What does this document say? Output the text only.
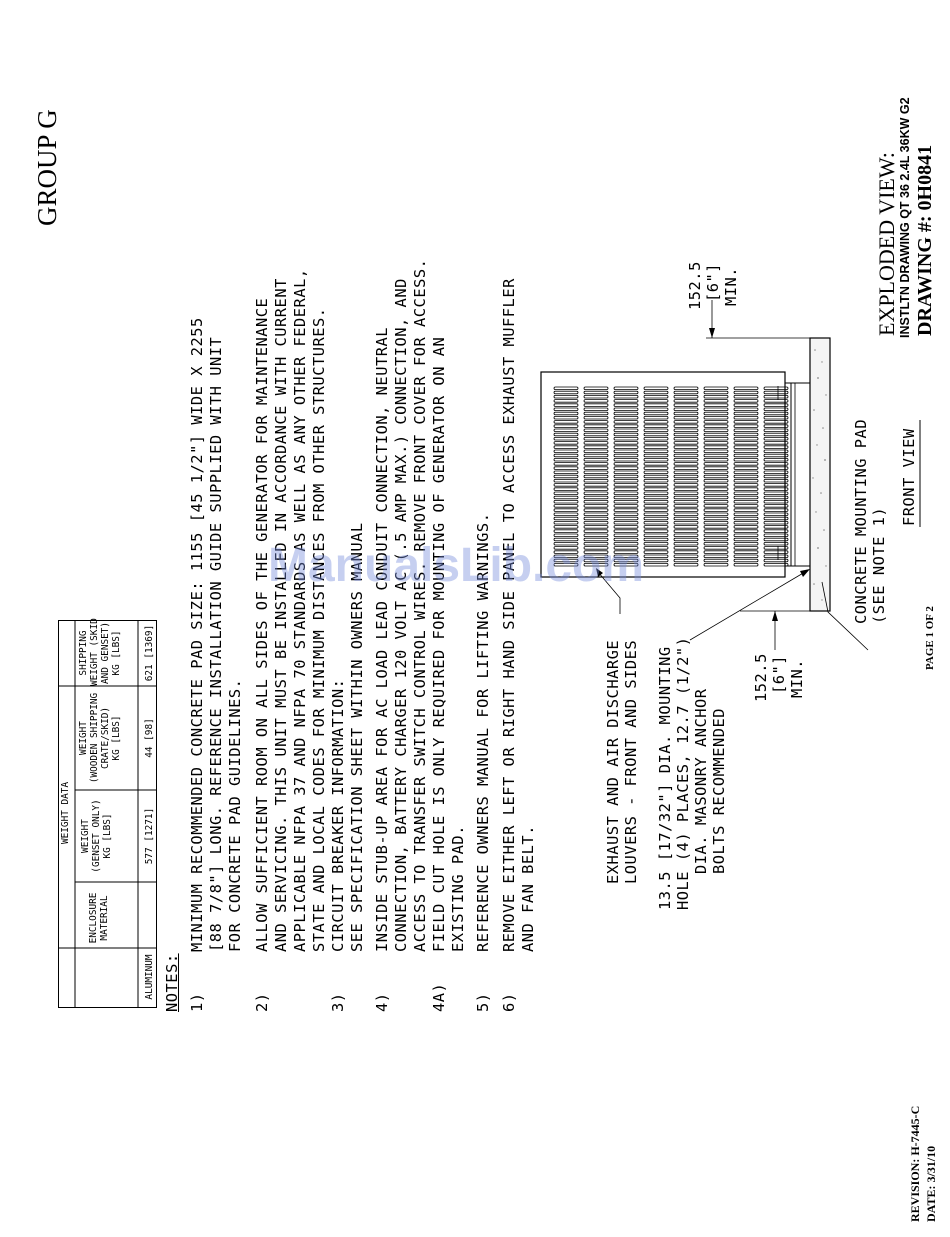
GROUP G	EXPLODED VIEW: INSTLTN DRAWING QT 36 2.4L 36KW G2 DRAWING #: 0H0841
PAGE 1 OF 2
REVISION: H-7445-C DATE: 3/31/10
WEIGHT DATA
SHIPPING WEIGHT (SKID AND GENSET) KG [LBS]
WEIGHT (WOODEN SHIPPING CRATE/SKID) KG [LBS]
WEIGHT (GENSET ONLY) KG [LBS]
ENCLOSURE MATERIAL
621 [1369]
44 [98]
577 [1271]
ALUMINUM NOTES: 1)
MINIMUM RECOMMENDED CONCRETE PAD SIZE: 1155 [45 1/2"] WIDE X 2255 [88 7/8"] LONG. REFERENCE INSTALLATION GUIDE SUPPLIED WITH UNIT FOR CONCRETE PAD GUIDELINES.
2)
ALLOW SUFFICIENT ROOM ON ALL SIDES OF THE GENERATOR FOR MAINTENANCE AND SERVICING. THIS UNIT MUST BE INSTALLED IN ACCORDANCE WITH CURRENT APPLICABLE NFPA 37 AND NFPA 70 STANDARDS AS WELL AS ANY OTHER FEDERAL, STATE AND LOCAL CODES FOR MINIMUM DISTANCES FROM OTHER STRUCTURES.
3)
CIRCUIT BREAKER INFORMATION: SEE SPECIFICATION SHEET WITHIN OWNERS MANUAL
4)
INSIDE STUB-UP AREA FOR AC LOAD LEAD CONDUIT CONNECTION, NEUTRAL CONNECTION, BATTERY CHARGER 120 VOLT AC (.5 AMP MAX.) CONNECTION, AND ACCESS TO TRANSFER SWITCH CONTROL WIRES. REMOVE FRONT COVER FOR ACCESS.
4A)
FIELD CUT HOLE IS ONLY REQUIRED FOR MOUNTING OF GENERATOR ON AN EXISTING PAD.
5)
REFERENCE OWNERS MANUAL FOR LIFTING WARNINGS.
6)
REMOVE EITHER LEFT OR RIGHT HAND SIDE PANEL TO ACCESS EXHAUST MUFFLER AND FAN BELT.
152.5 [6"] MIN.
152.5 [6"] MIN.
CONCRETE MOUNTING PAD (SEE NOTE 1)
FRONT VIEW
EXHAUST AND AIR DISCHARGE LOUVERS - FRONT AND SIDES 13.5 [17/32"] DIA. MOUNTING HOLE (4) PLACES, 12.7 (1/2") DIA. MASONRY ANCHOR BOLTS RECOMMENDED
ManualsLib.com
